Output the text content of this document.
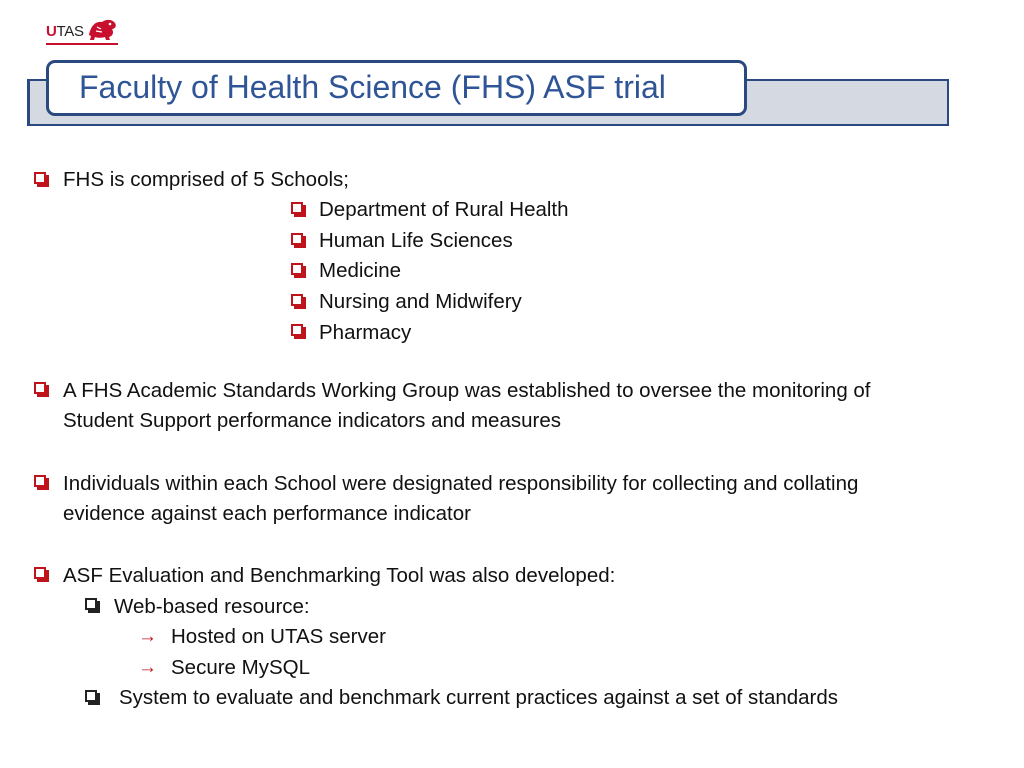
UTAS
Faculty of Health Science (FHS) ASF trial
FHS is comprised of 5 Schools;
Department of Rural Health
Human Life Sciences
Medicine
Nursing and Midwifery
Pharmacy
A FHS Academic Standards Working Group was established to oversee the monitoring of
Student Support performance indicators and measures
Individuals within each School were designated responsibility for collecting and collating
evidence against each performance indicator
ASF Evaluation and Benchmarking Tool was also developed:
Web-based resource:
→ Hosted on UTAS server
→ Secure MySQL
System to evaluate and benchmark current practices against a set of standards
